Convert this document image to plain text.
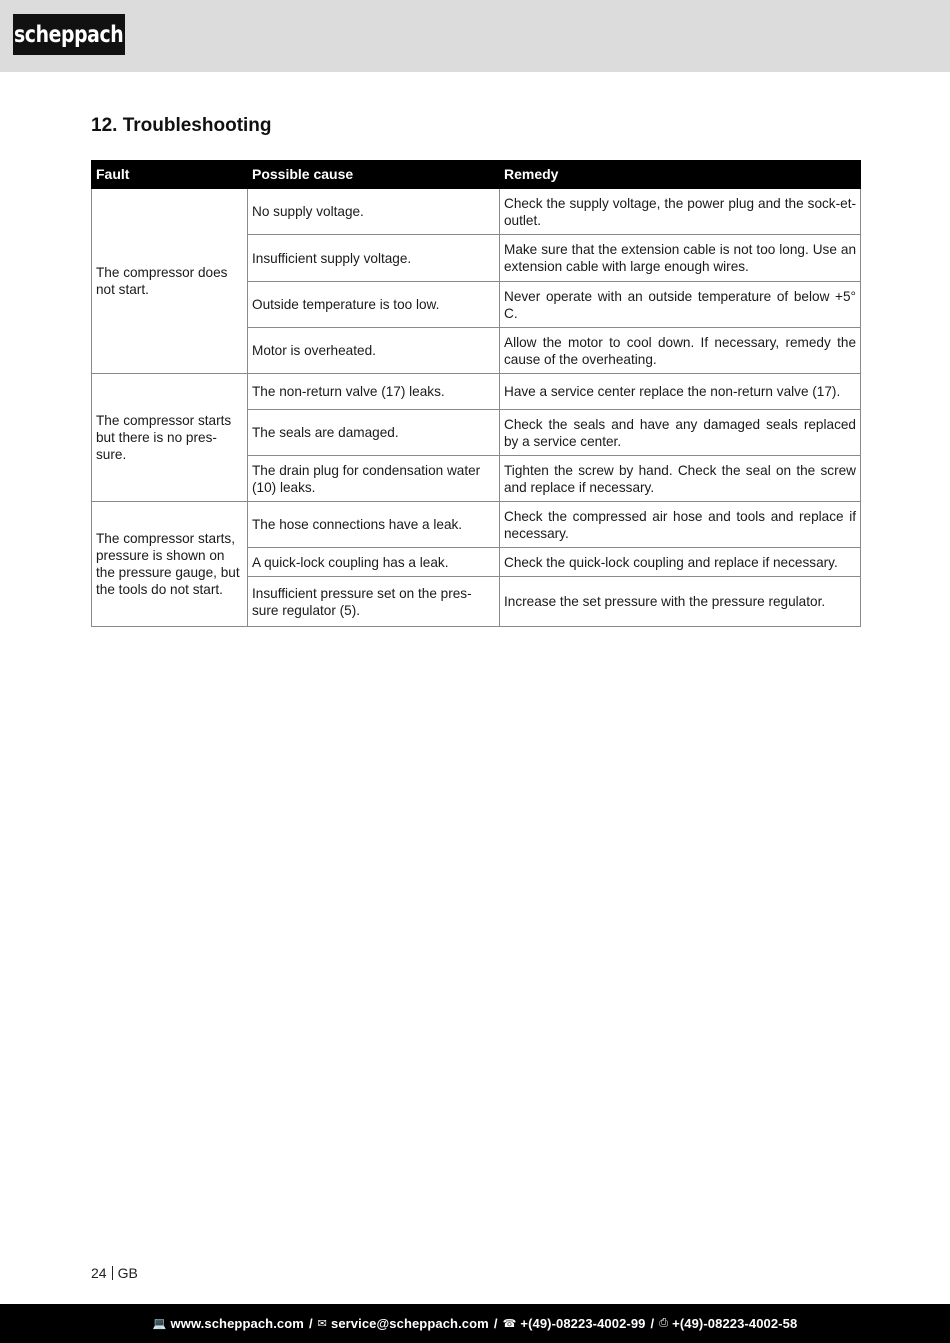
scheppach
12. Troubleshooting
Fault	Possible cause	Remedy
The compressor does not start.	No supply voltage.	Check the supply voltage, the power plug and the sock-et-outlet.
	Insufficient supply voltage.	Make sure that the extension cable is not too long. Use an extension cable with large enough wires.
	Outside temperature is too low.	Never operate with an outside temperature of below +5° C.
	Motor is overheated.	Allow the motor to cool down. If necessary, remedy the cause of the overheating.
The compressor starts but there is no pres-sure.	The non-return valve (17) leaks.	Have a service center replace the non-return valve (17).
	The seals are damaged.	Check the seals and have any damaged seals replaced by a service center.
	The drain plug for condensation water (10) leaks.	Tighten the screw by hand. Check the seal on the screw and replace if necessary.
The compressor starts, pressure is shown on the pressure gauge, but the tools do not start.	The hose connections have a leak.	Check the compressed air hose and tools and replace if necessary.
	A quick-lock coupling has a leak.	Check the quick-lock coupling and replace if necessary.
	Insufficient pressure set on the pres-sure regulator (5).	Increase the set pressure with the pressure regulator.
24 GB
💻 www.scheppach.com / ✉ service@scheppach.com / ☎ +(49)-08223-4002-99 / ⎙ +(49)-08223-4002-58
